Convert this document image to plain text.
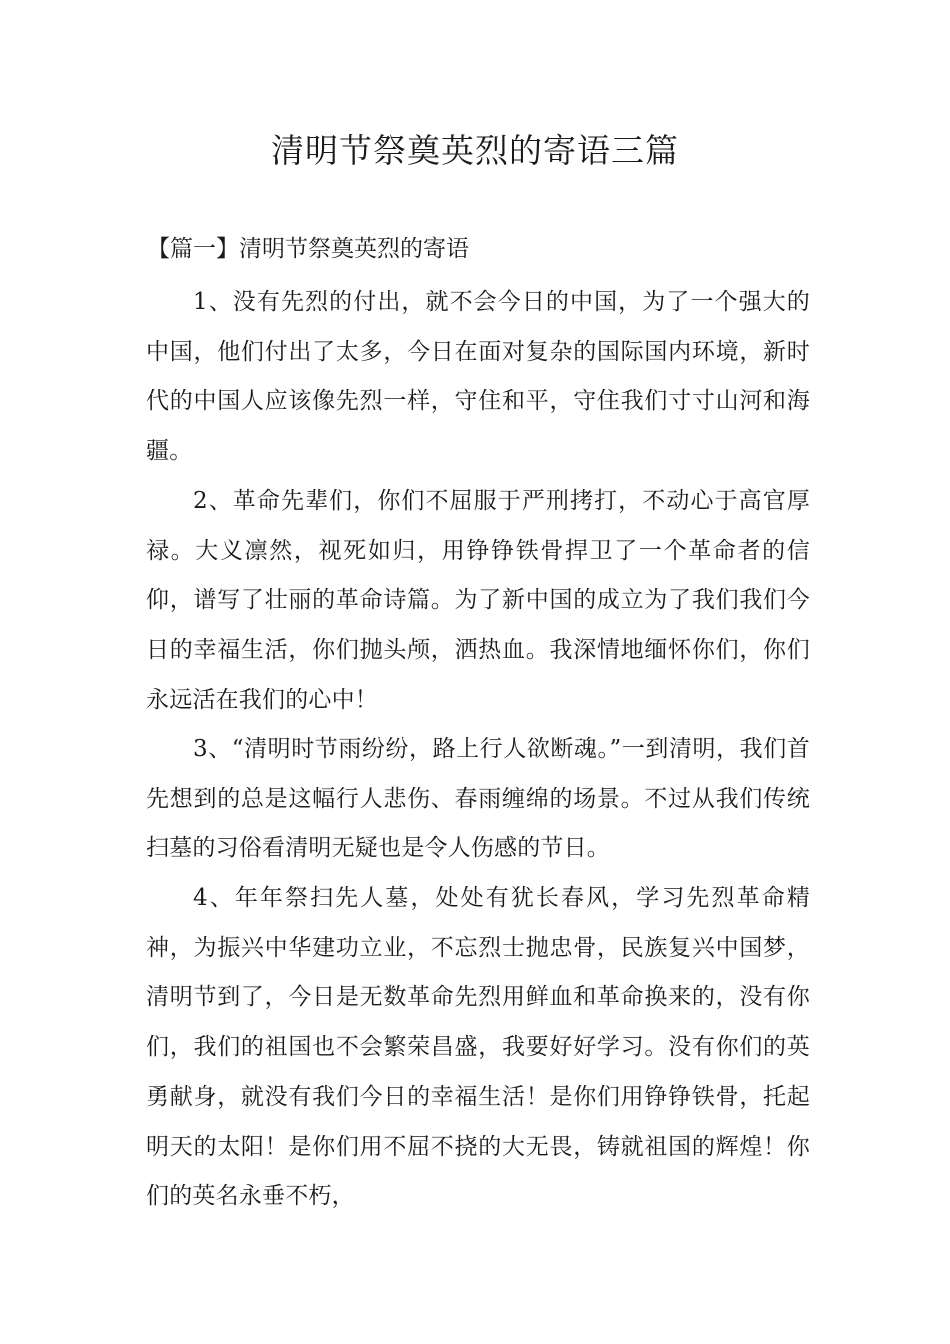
清明节祭奠英烈的寄语三篇
【篇一】清明节祭奠英烈的寄语

1、没有先烈的付出，就不会今日的中国，为了一个强大的中国，他们付出了太多，今日在面对复杂的国际国内环境，新时代的中国人应该像先烈一样，守住和平，守住我们寸寸山河和海疆。

2、革命先辈们，你们不屈服于严刑拷打，不动心于高官厚禄。大义凛然，视死如归，用铮铮铁骨捍卫了一个革命者的信仰，谱写了壮丽的革命诗篇。为了新中国的成立为了我们我们今日的幸福生活，你们抛头颅，洒热血。我深情地缅怀你们，你们永远活在我们的心中！

3、“清明时节雨纷纷，路上行人欲断魂。”一到清明，我们首先想到的总是这幅行人悲伤、春雨缠绵的场景。不过从我们传统扫墓的习俗看清明无疑也是令人伤感的节日。

4、年年祭扫先人墓，处处有犹长春风，学习先烈革命精神，为振兴中华建功立业，不忘烈士抛忠骨，民族复兴中国梦，清明节到了，今日是无数革命先烈用鲜血和革命换来的，没有你们，我们的祖国也不会繁荣昌盛，我要好好学习。没有你们的英勇献身，就没有我们今日的幸福生活！是你们用铮铮铁骨，托起明天的太阳！是你们用不屈不挠的大无畏，铸就祖国的辉煌！你们的英名永垂不朽，
